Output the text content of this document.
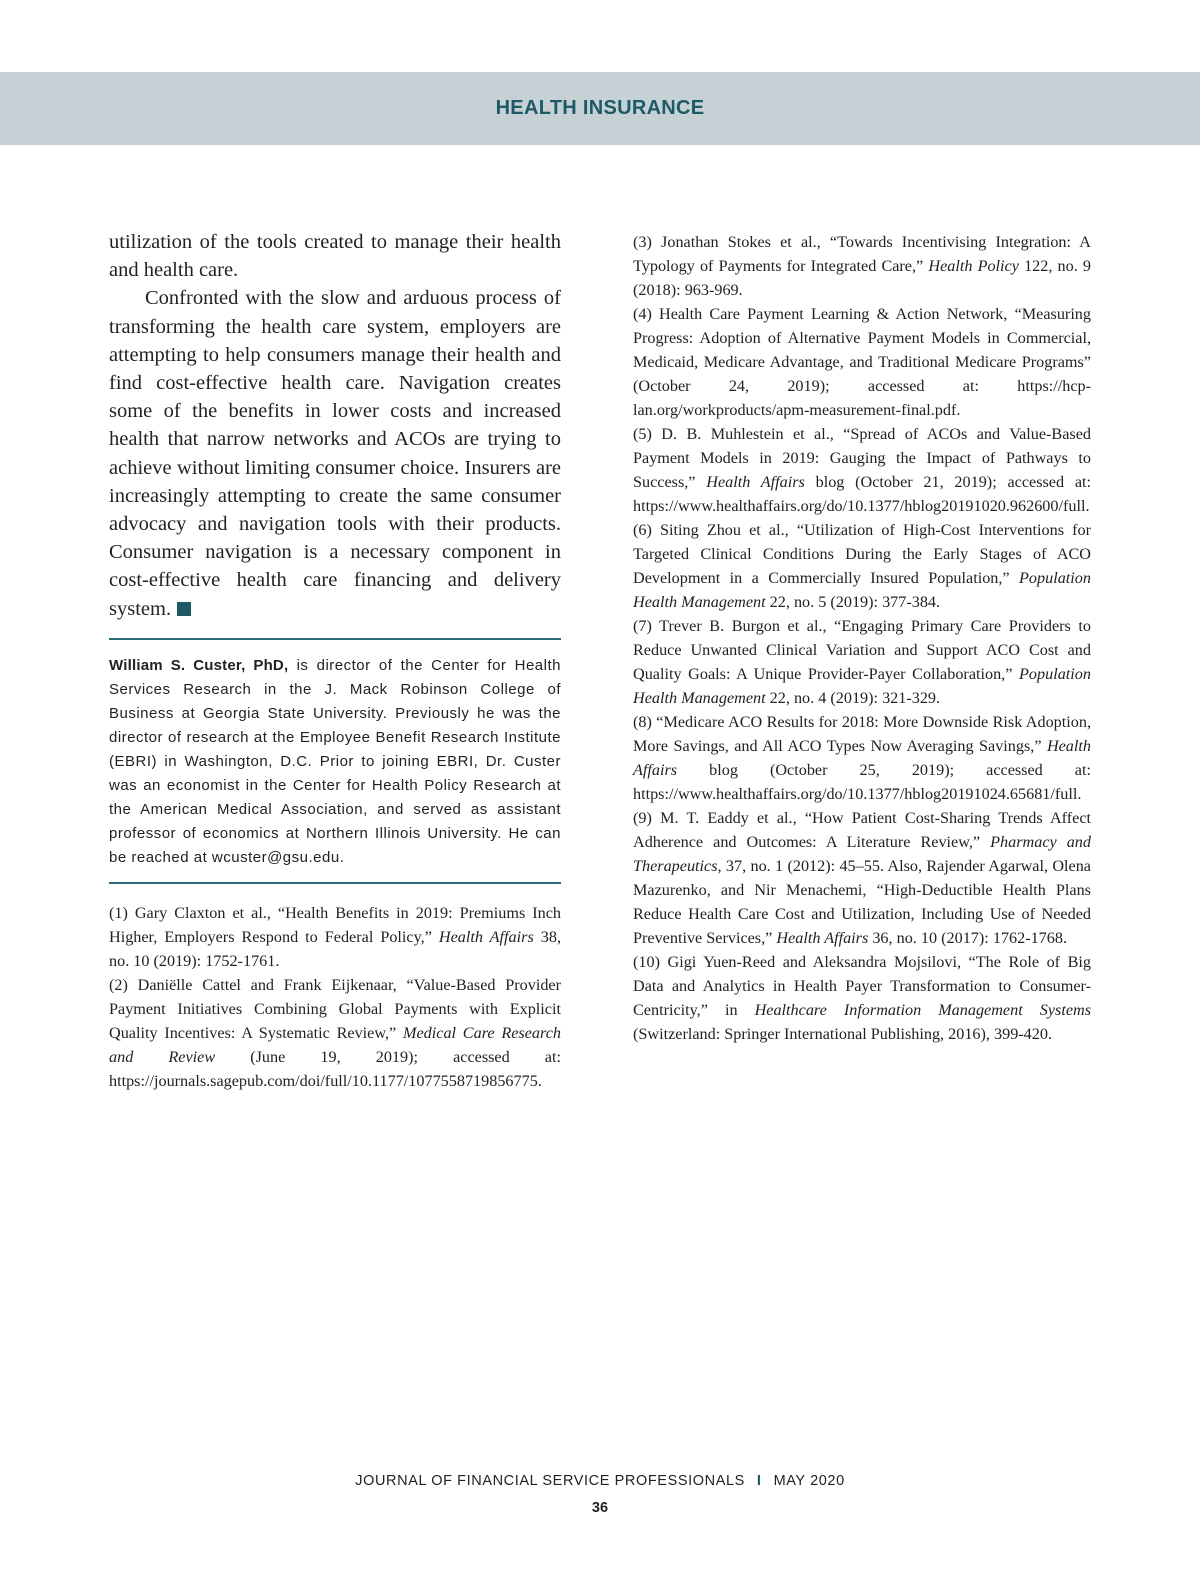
HEALTH INSURANCE

utilization of the tools created to manage their health and health care.

Confronted with the slow and arduous process of transforming the health care system, employers are attempting to help consumers manage their health and find cost-effective health care. Navigation creates some of the benefits in lower costs and increased health that narrow networks and ACOs are trying to achieve without limiting consumer choice. Insurers are increasingly attempting to create the same consumer advocacy and navigation tools with their products. Consumer navigation is a necessary component in cost-effective health care financing and delivery system.

William S. Custer, PhD, is director of the Center for Health Services Research in the J. Mack Robinson College of Business at Georgia State University. Previously he was the director of research at the Employee Benefit Research Institute (EBRI) in Washington, D.C. Prior to joining EBRI, Dr. Custer was an economist in the Center for Health Policy Research at the American Medical Association, and served as assistant professor of economics at Northern Illinois University. He can be reached at wcuster@gsu.edu.

(1) Gary Claxton et al., “Health Benefits in 2019: Premiums Inch Higher, Employers Respond to Federal Policy,” Health Affairs 38, no. 10 (2019): 1752-1761.

(2) Daniëlle Cattel and Frank Eijkenaar, “Value-Based Provider Payment Initiatives Combining Global Payments with Explicit Quality Incentives: A Systematic Review,” Medical Care Research and Review (June 19, 2019); accessed at: https://journals.sagepub.com/doi/full/10.1177/1077558719856775.

(3) Jonathan Stokes et al., “Towards Incentivising Integration: A Typology of Payments for Integrated Care,” Health Policy 122, no. 9 (2018): 963-969.

(4) Health Care Payment Learning & Action Network, “Measuring Progress: Adoption of Alternative Payment Models in Commercial, Medicaid, Medicare Advantage, and Traditional Medicare Programs” (October 24, 2019); accessed at: https://hcp-lan.org/workproducts/apm-measurement-final.pdf.

(5) D. B. Muhlestein et al., “Spread of ACOs and Value-Based Payment Models in 2019: Gauging the Impact of Pathways to Success,” Health Affairs blog (October 21, 2019); accessed at: https://www.healthaffairs.org/do/10.1377/hblog20191020.962600/full.

(6) Siting Zhou et al., “Utilization of High-Cost Interventions for Targeted Clinical Conditions During the Early Stages of ACO Development in a Commercially Insured Population,” Population Health Management 22, no. 5 (2019): 377-384.

(7) Trever B. Burgon et al., “Engaging Primary Care Providers to Reduce Unwanted Clinical Variation and Support ACO Cost and Quality Goals: A Unique Provider-Payer Collaboration,” Population Health Management 22, no. 4 (2019): 321-329.

(8) “Medicare ACO Results for 2018: More Downside Risk Adoption, More Savings, and All ACO Types Now Averaging Savings,” Health Affairs blog (October 25, 2019); accessed at: https://www.healthaffairs.org/do/10.1377/hblog20191024.65681/full.

(9) M. T. Eaddy et al., “How Patient Cost-Sharing Trends Affect Adherence and Outcomes: A Literature Review,” Pharmacy and Therapeutics, 37, no. 1 (2012): 45–55. Also, Rajender Agarwal, Olena Mazurenko, and Nir Menachemi, “High-Deductible Health Plans Reduce Health Care Cost and Utilization, Including Use of Needed Preventive Services,” Health Affairs 36, no. 10 (2017): 1762-1768.

(10) Gigi Yuen-Reed and Aleksandra Mojsilovi, “The Role of Big Data and Analytics in Health Payer Transformation to Consumer-Centricity,” in Healthcare Information Management Systems (Switzerland: Springer International Publishing, 2016), 399-420.

JOURNAL OF FINANCIAL SERVICE PROFESSIONALS I MAY 2020
36
